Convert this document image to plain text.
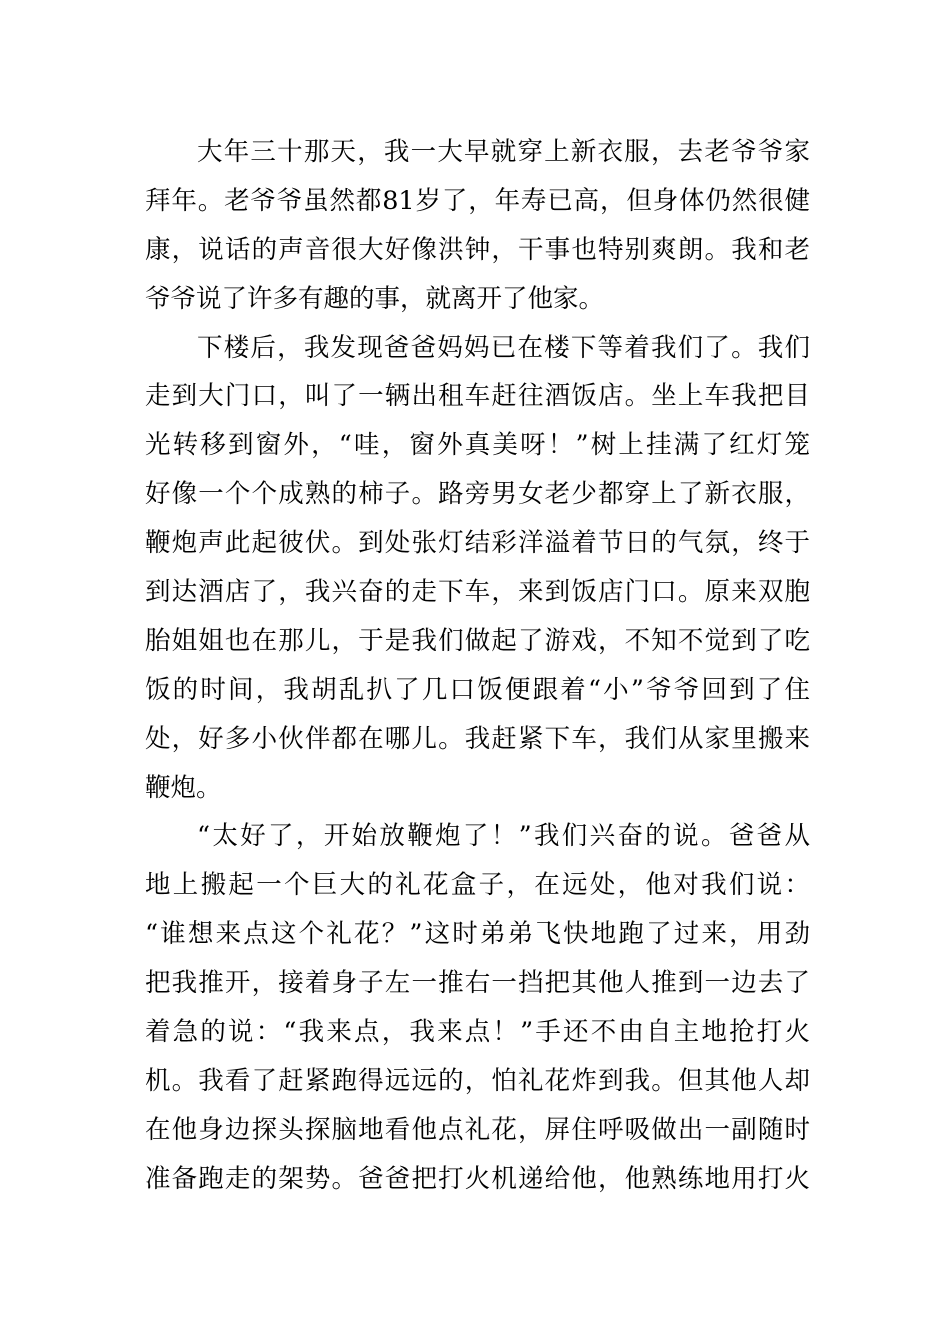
大年三十那天，我一大早就穿上新衣服，去老爷爷家
拜年。老爷爷虽然都81岁了，年寿已高，但身体仍然很健
康，说话的声音很大好像洪钟，干事也特别爽朗。我和老
爷爷说了许多有趣的事，就离开了他家。
下楼后，我发现爸爸妈妈已在楼下等着我们了。我们
走到大门口，叫了一辆出租车赶往酒饭店。坐上车我把目
光转移到窗外，“哇，窗外真美呀！”树上挂满了红灯笼
好像一个个成熟的柿子。路旁男女老少都穿上了新衣服，
鞭炮声此起彼伏。到处张灯结彩洋溢着节日的气氛，终于
到达酒店了，我兴奋的走下车，来到饭店门口。原来双胞
胎姐姐也在那儿，于是我们做起了游戏，不知不觉到了吃
饭的时间，我胡乱扒了几口饭便跟着“小”爷爷回到了住
处，好多小伙伴都在哪儿。我赶紧下车，我们从家里搬来
鞭炮。
“太好了，开始放鞭炮了！”我们兴奋的说。爸爸从
地上搬起一个巨大的礼花盒子，在远处，他对我们说：
“谁想来点这个礼花？”这时弟弟飞快地跑了过来，用劲
把我推开，接着身子左一推右一挡把其他人推到一边去了
着急的说：“我来点，我来点！”手还不由自主地抢打火
机。我看了赶紧跑得远远的，怕礼花炸到我。但其他人却
在他身边探头探脑地看他点礼花，屏住呼吸做出一副随时
准备跑走的架势。爸爸把打火机递给他，他熟练地用打火
